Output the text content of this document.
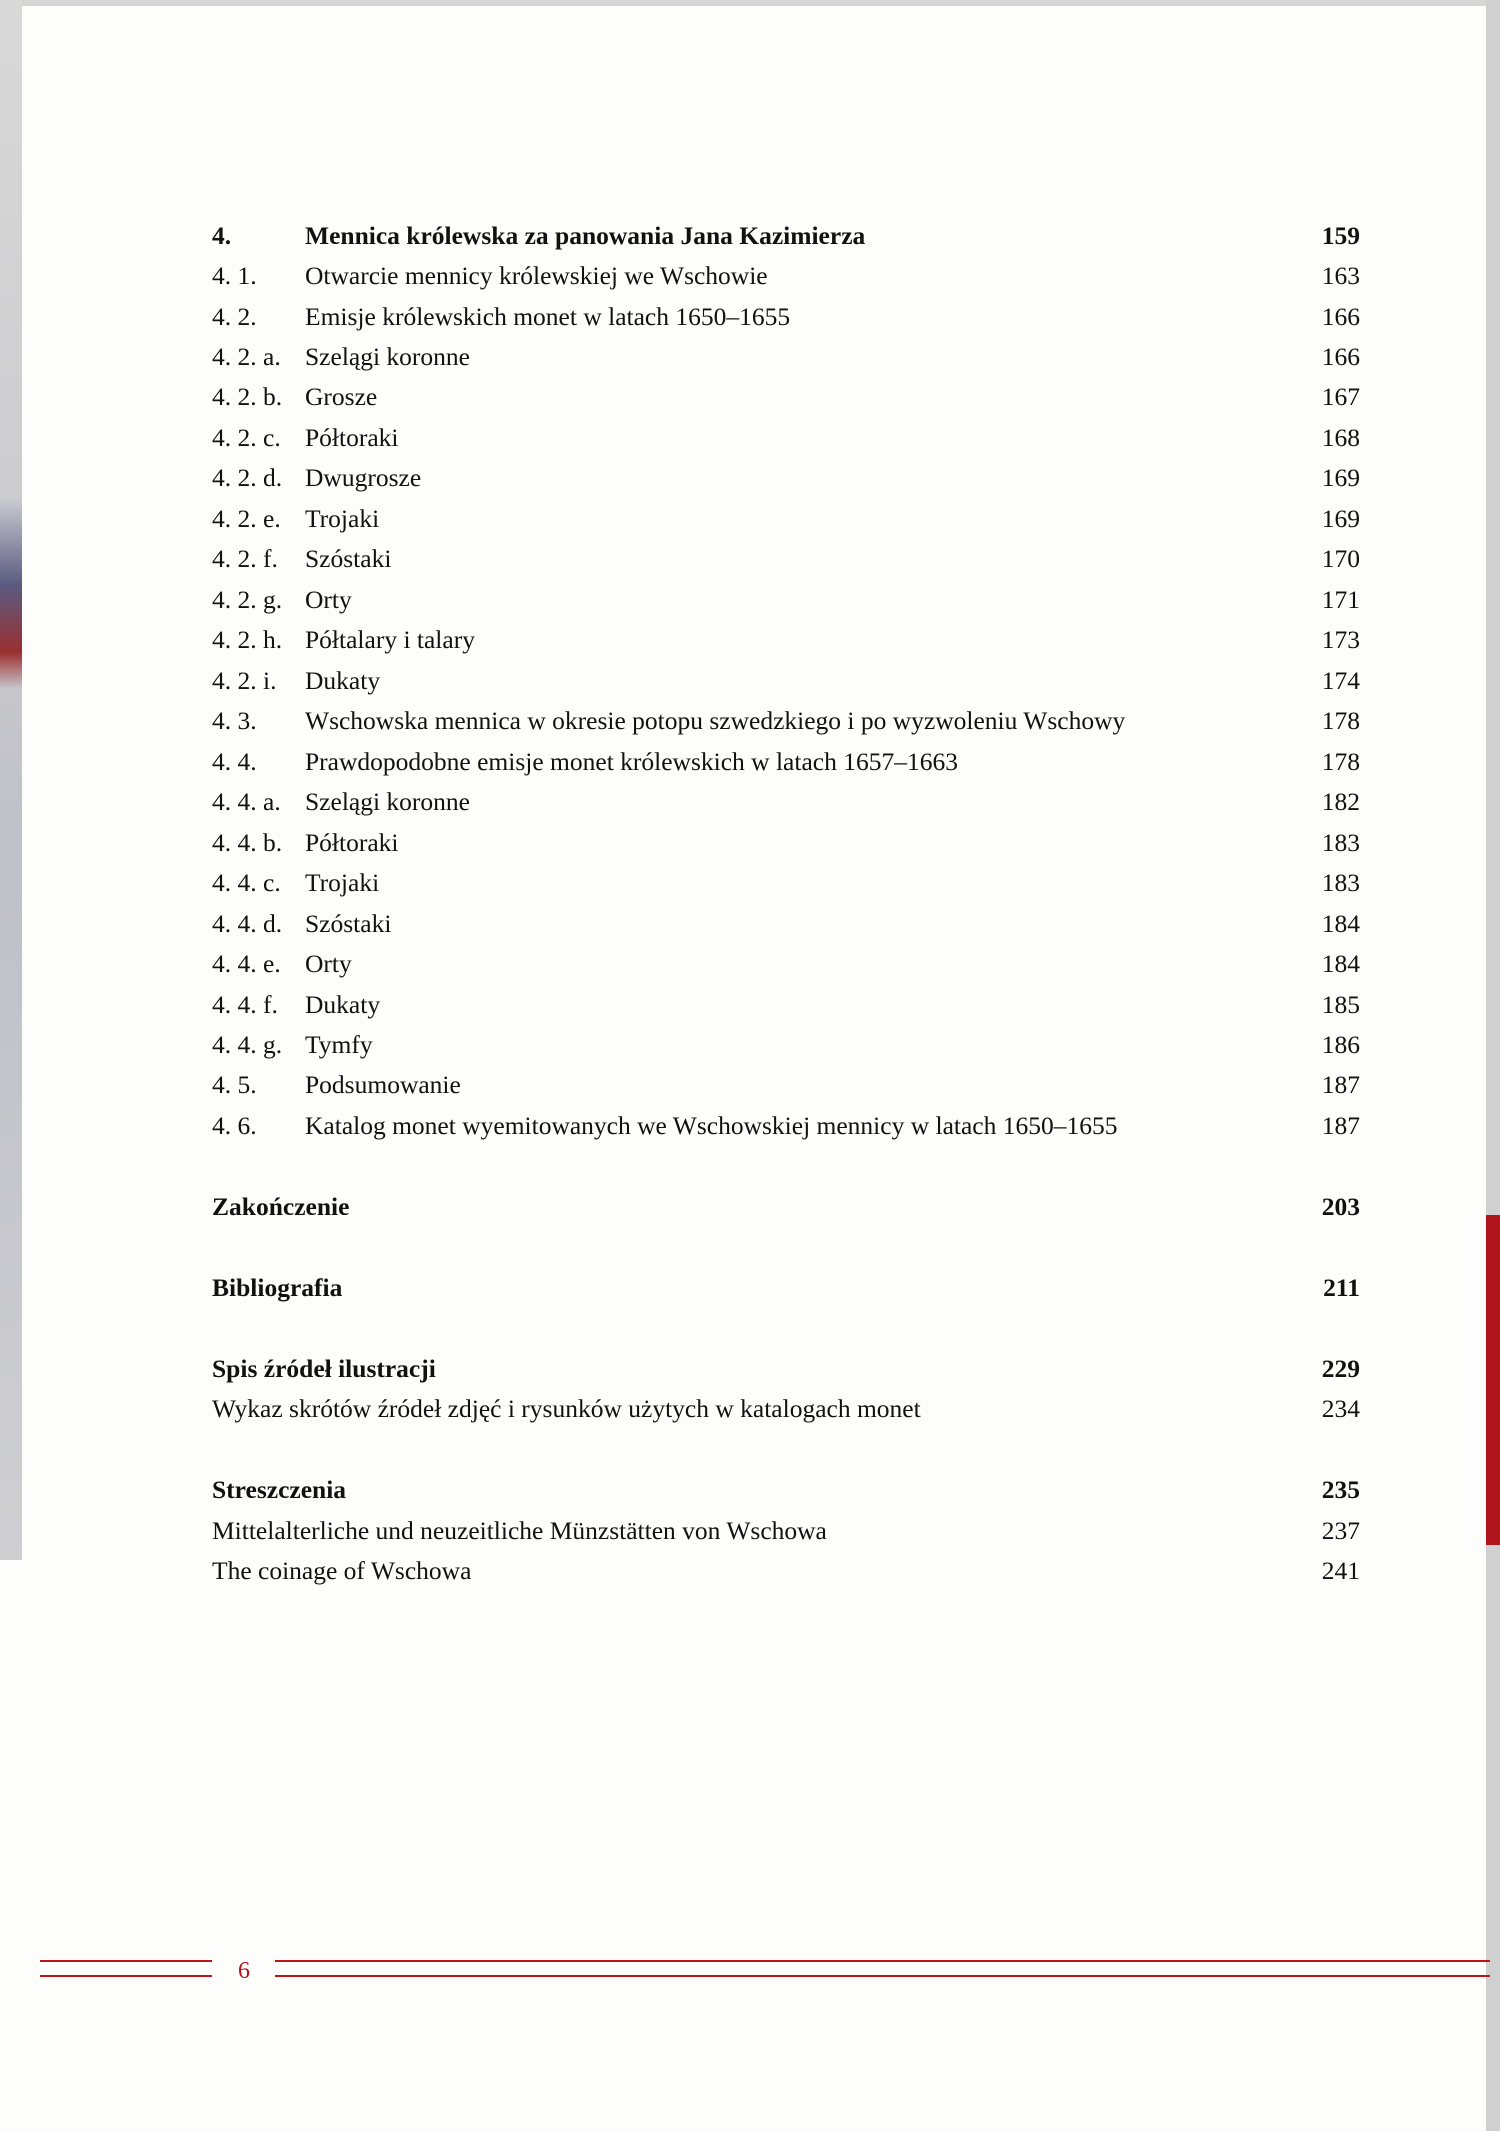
4.	Mennica królewska za panowania Jana Kazimierza	159
4. 1. Otwarcie mennicy królewskiej we Wschowie	163
4. 2. Emisje królewskich monet w latach 1650–1655	166
4. 2. a. Szelągi koronne	166
4. 2. b. Grosze	167
4. 2. c. Półtoraki	168
4. 2. d. Dwugrosze	169
4. 2. e. Trojaki	169
4. 2. f. Szóstaki	170
4. 2. g. Orty	171
4. 2. h. Półtalary i talary	173
4. 2. i. Dukaty	174
4. 3. Wschowska mennica w okresie potopu szwedzkiego i po wyzwoleniu Wschowy	178
4. 4. Prawdopodobne emisje monet królewskich w latach 1657–1663	178
4. 4. a. Szelągi koronne	182
4. 4. b. Półtoraki	183
4. 4. c. Trojaki	183
4. 4. d. Szóstaki	184
4. 4. e. Orty	184
4. 4. f. Dukaty	185
4. 4. g. Tymfy	186
4. 5. Podsumowanie	187
4. 6. Katalog monet wyemitowanych we Wschowskiej mennicy w latach 1650–1655	187
Zakończenie	203
Bibliografia	211
Spis źródeł ilustracji	229
Wykaz skrótów źródeł zdjęć i rysunków użytych w katalogach monet	234
Streszczenia	235
Mittelalterliche und neuzeitliche Münzstätten von Wschowa	237
The coinage of Wschowa	241
6
